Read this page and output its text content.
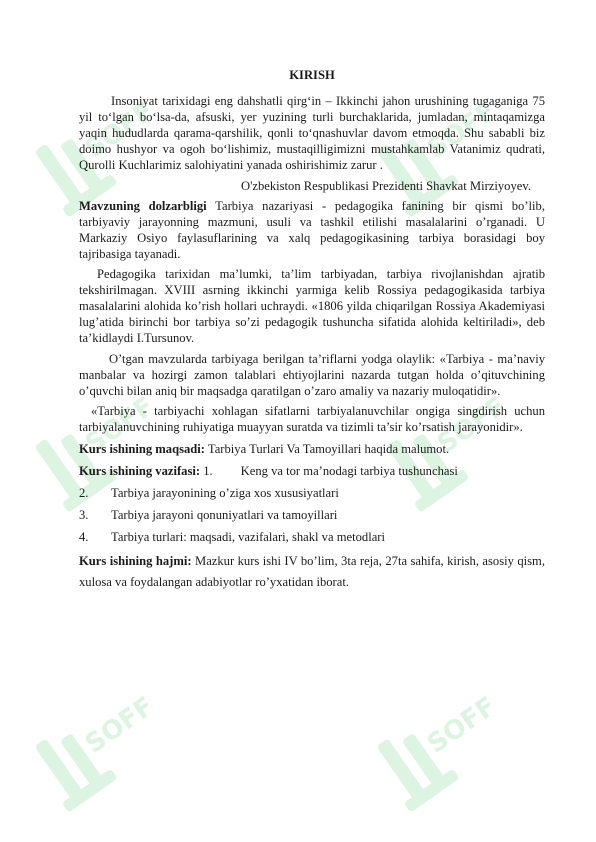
SOFF	SOFF
SOFF	SOFF
SOFF	SOFF
KIRISH

Insoniyat tarixidagi eng dahshatli qirg‘in – Ikkinchi jahon urushining tugaganiga 75 yil to‘lgan bo‘lsa-da, afsuski, yer yuzining turli burchaklarida, jumladan, mintaqamizga yaqin hududlarda qarama-qarshilik, qonli to‘qnashuvlar davom etmoqda. Shu sababli biz doimo hushyor va ogoh bo‘lishimiz, mustaqilligimizni mustahkamlab Vatanimiz qudrati, Qurolli Kuchlarimiz salohiyatini yanada oshirishimiz zarur .

O'zbekiston Respublikasi Prezidenti Shavkat Mirziyoyev.

Mavzuning dolzarbligi Tarbiya nazariyasi - pedagogika fanining bir qismi bo’lib, tarbiyaviy jarayonning mazmuni, usuli va tashkil etilishi masalalarini o’rganadi. U Markaziy Osiyo faylasuflarining va xalq pedagogikasining tarbiya borasidagi boy tajribasiga tayanadi.

Pedagogika tarixidan ma’lumki, ta’lim tarbiyadan, tarbiya rivojlanishdan ajratib tekshirilmagan. XVIII asrning ikkinchi yarmiga kelib Rossiya pedagogikasida tarbiya masalalarini alohida ko’rish hollari uchraydi. «1806 yilda chiqarilgan Rossiya Akademiyasi lug’atida birinchi bor tarbiya so’zi pedagogik tushuncha sifatida alohida keltiriladi», deb ta’kidlaydi I.Tursunov.

O’tgan mavzularda tarbiyaga berilgan ta’riflarni yodga olaylik: «Tarbiya - ma’naviy manbalar va hozirgi zamon talablari ehtiyojlarini nazarda tutgan holda o’qituvchining o’quvchi bilan aniq bir maqsadga qaratilgan o’zaro amaliy va nazariy muloqatidir».

«Tarbiya - tarbiyachi xohlagan sifatlarni tarbiyalanuvchilar ongiga singdirish uchun tarbiyalanuvchining ruhiyatiga muayyan suratda va tizimli ta’sir ko’rsatish jarayonidir».

Kurs ishining maqsadi: Tarbiya Turlari Va Tamoyillari haqida malumot.
Kurs ishining vazifasi: 1. Keng va tor ma’nodagi tarbiya tushunchasi
2.	Tarbiya jarayonining o’ziga xos xususiyatlari
3.	Tarbiya jarayoni qonuniyatlari va tamoyillari
4.	Tarbiya turlari: maqsadi, vazifalari, shakl va metodlari

Kurs ishining hajmi: Mazkur kurs ishi IV bo’lim, 3ta reja, 27ta sahifa, kirish, asosiy qism, xulosa va foydalangan adabiyotlar ro’yxatidan iborat.
